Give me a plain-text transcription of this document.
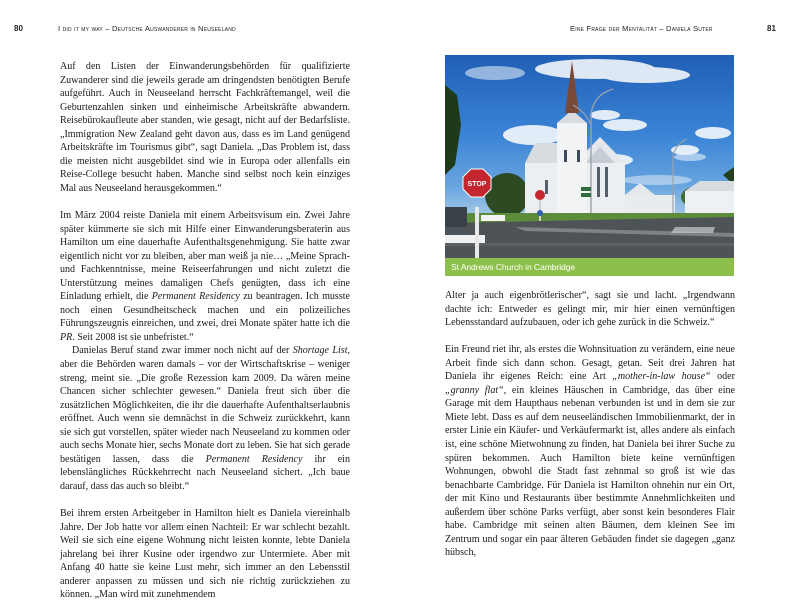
80	I did it my way – Deutsche Auswanderer in Neuseeland

Auf den Listen der Einwanderungsbehörden für qualifizierte Zuwanderer sind die jeweils gerade am dringendsten benötigten Berufe aufgeführt. Auch in Neuseeland herrscht Fachkräftemangel, weil die Geburtenzahlen sinken und einheimische Arbeitskräfte abwandern. Reisebürokaufleute aber standen, wie gesagt, nicht auf der Bedarfsliste. „Immigration New Zealand geht davon aus, dass es im Land genügend Arbeitskräfte im Tourismus gibt“, sagt Daniela. „Das Problem ist, dass die meisten nicht ausgebildet sind wie in Europa oder allenfalls ein Reise-College besucht haben. Manche sind selbst noch kein einziges Mal aus Neuseeland herausgekommen.“

Im März 2004 reiste Daniela mit einem Arbeitsvisum ein. Zwei Jahre später kümmerte sie sich mit Hilfe einer Einwanderungsberaterin aus Hamilton um eine dauerhafte Aufenthaltsgenehmigung. Sie hatte zwar eigentlich nicht vor zu bleiben, aber man weiß ja nie… „Meine Sprach- und Fachkenntnisse, meine Reiseerfahrungen und nicht zuletzt die Unterstützung meines damaligen Chefs genügten, dass ich eine Einladung erhielt, die Permanent Residency zu beantragen. Ich musste noch einen Gesundheitscheck machen und ein polizeiliches Führungszeugnis einreichen, und zwei, drei Monate später hatte ich die PR. Seit 2008 ist sie unbefristet.“

Danielas Beruf stand zwar immer noch nicht auf der Shortage List, aber die Behörden waren damals – vor der Wirtschaftskrise – weniger streng, meint sie. „Die große Rezession kam 2009. Da wären meine Chancen sicher schlechter gewesen.“ Daniela freut sich über die zusätzlichen Möglichkeiten, die ihr die dauerhafte Aufenthaltserlaubnis eröffnet. Auch wenn sie demnächst in die Schweiz zurückkehrt, kann sie sich gut vorstellen, später wieder nach Neuseeland zu kommen oder auch sechs Monate hier, sechs Monate dort zu leben. Sie hat sich gerade bestätigen lassen, dass die Permanent Residency ihr ein lebenslängliches Rückkehrrecht nach Neuseeland sichert. „Ich baue darauf, dass das auch so bleibt.“

Bei ihrem ersten Arbeitgeber in Hamilton hielt es Daniela viereinhalb Jahre. Der Job hatte vor allem einen Nachteil: Er war schlecht bezahlt. Weil sie sich eine eigene Wohnung nicht leisten konnte, lebte Daniela jahrelang bei ihrer Kusine oder irgendwo zur Untermiete. Aber mit Anfang 40 hatte sie keine Lust mehr, sich immer an den Lebensstil anderer anpassen zu müssen und sich nie richtig zurückziehen zu können. „Man wird mit zunehmendem

Eine Frage der Mentalität – Daniela Suter	81
STOP
St Andrews Church in Cambridge

Alter ja auch eigenbrötlerischer“, sagt sie und lacht. „Irgendwann dachte ich: Entweder es gelingt mir, mir hier einen vernünftigen Lebensstandard aufzubauen, oder ich gehe zurück in die Schweiz.“

Ein Freund riet ihr, als erstes die Wohnsituation zu verändern, eine neue Arbeit finde sich dann schon. Gesagt, getan. Seit drei Jahren hat Daniela ihr eigenes Reich: eine Art „mother-in-law house“ oder „granny flat“, ein kleines Häuschen in Cambridge, das über eine Garage mit dem Haupthaus nebenan verbunden ist und in dem sie zur Miete lebt. Dass es auf dem neuseeländischen Immobilienmarkt, der in erster Linie ein Käufer- und Verkäufermarkt ist, alles andere als einfach ist, eine schöne Mietwohnung zu finden, hat Daniela bei ihrer Suche zu spüren bekommen. Auch Hamilton biete keine vernünftigen Wohnungen, obwohl die Stadt fast zehnmal so groß ist wie das benachbarte Cambridge. Für Daniela ist Hamilton ohnehin nur ein Ort, der mit Kino und Restaurants über bestimmte Annehmlichkeiten und außerdem über schöne Parks verfügt, aber sonst kein besonderes Flair habe. Cambridge mit seinen alten Bäumen, dem kleinen See im Zentrum und sogar ein paar älteren Gebäuden findet sie dagegen „ganz hübsch,
